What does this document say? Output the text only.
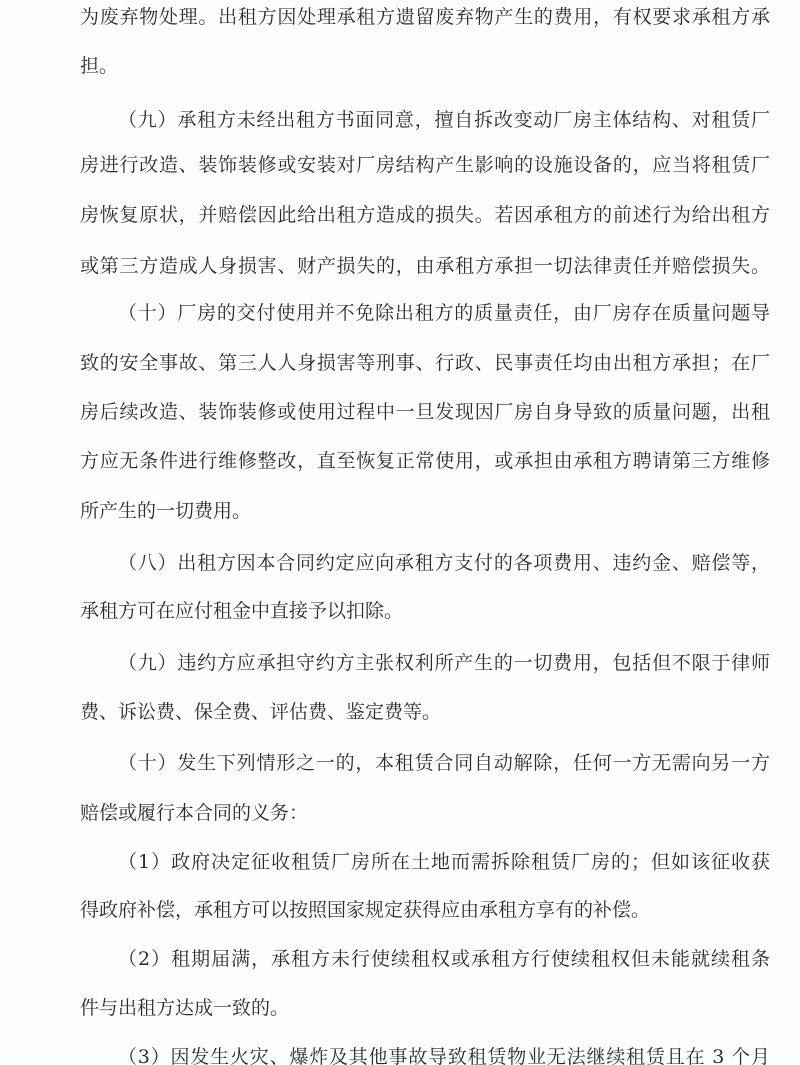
为废弃物处理。出租方因处理承租方遗留废弃物产生的费用，有权要求承租方承
担。
（九）承租方未经出租方书面同意，擅自拆改变动厂房主体结构、对租赁厂
房进行改造、装饰装修或安装对厂房结构产生影响的设施设备的，应当将租赁厂
房恢复原状，并赔偿因此给出租方造成的损失。若因承租方的前述行为给出租方
或第三方造成人身损害、财产损失的，由承租方承担一切法律责任并赔偿损失。
（十）厂房的交付使用并不免除出租方的质量责任，由厂房存在质量问题导
致的安全事故、第三人人身损害等刑事、行政、民事责任均由出租方承担；在厂
房后续改造、装饰装修或使用过程中一旦发现因厂房自身导致的质量问题，出租
方应无条件进行维修整改，直至恢复正常使用，或承担由承租方聘请第三方维修
所产生的一切费用。
（八）出租方因本合同约定应向承租方支付的各项费用、违约金、赔偿等，
承租方可在应付租金中直接予以扣除。
（九）违约方应承担守约方主张权利所产生的一切费用，包括但不限于律师
费、诉讼费、保全费、评估费、鉴定费等。
（十）发生下列情形之一的，本租赁合同自动解除，任何一方无需向另一方
赔偿或履行本合同的义务：
（1）政府决定征收租赁厂房所在土地而需拆除租赁厂房的；但如该征收获
得政府补偿，承租方可以按照国家规定获得应由承租方享有的补偿。
（2）租期届满，承租方未行使续租权或承租方行使续租权但未能就续租条
件与出租方达成一致的。
（3）因发生火灾、爆炸及其他事故导致租赁物业无法继续租赁且在 3 个月
